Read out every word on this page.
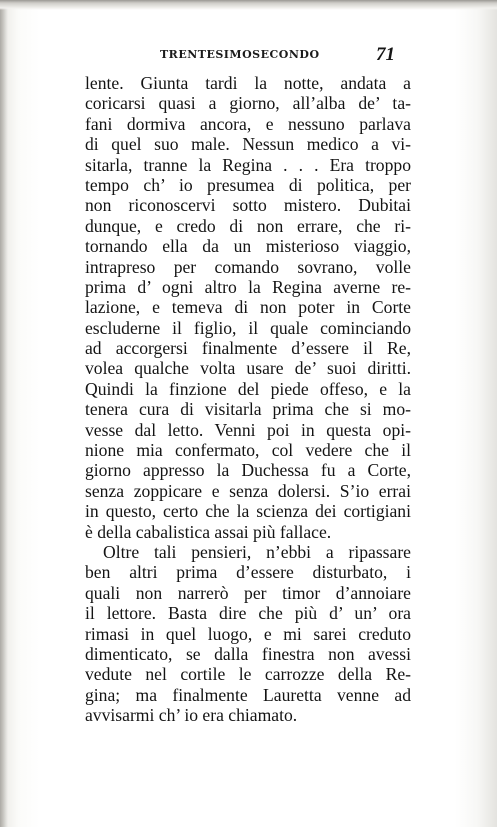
TRENTESIMOSECONDO	71
lente. Giunta tardi la notte, andata a
coricarsi quasi a giorno, all’alba de’ ta-
fani dormiva ancora, e nessuno parlava
di quel suo male. Nessun medico a vi-
sitarla, tranne la Regina . . . Era troppo
tempo ch’ io presumea di politica, per
non riconoscervi sotto mistero. Dubitai
dunque, e credo di non errare, che ri-
tornando ella da un misterioso viaggio,
intrapreso per comando sovrano, volle
prima d’ ogni altro la Regina averne re-
lazione, e temeva di non poter in Corte
escluderne il figlio, il quale cominciando
ad accorgersi finalmente d’essere il Re,
volea qualche volta usare de’ suoi diritti.
Quindi la finzione del piede offeso, e la
tenera cura di visitarla prima che si mo-
vesse dal letto. Venni poi in questa opi-
nione mia confermato, col vedere che il
giorno appresso la Duchessa fu a Corte,
senza zoppicare e senza dolersi. S’io errai
in questo, certo che la scienza dei cortigiani
è della cabalistica assai più fallace.
Oltre tali pensieri, n’ebbi a ripassare
ben altri prima d’essere disturbato, i
quali non narrerò per timor d’annoiare
il lettore. Basta dire che più d’ un’ ora
rimasi in quel luogo, e mi sarei creduto
dimenticato, se dalla finestra non avessi
vedute nel cortile le carrozze della Re-
gina; ma finalmente Lauretta venne ad
avvisarmi ch’ io era chiamato.
